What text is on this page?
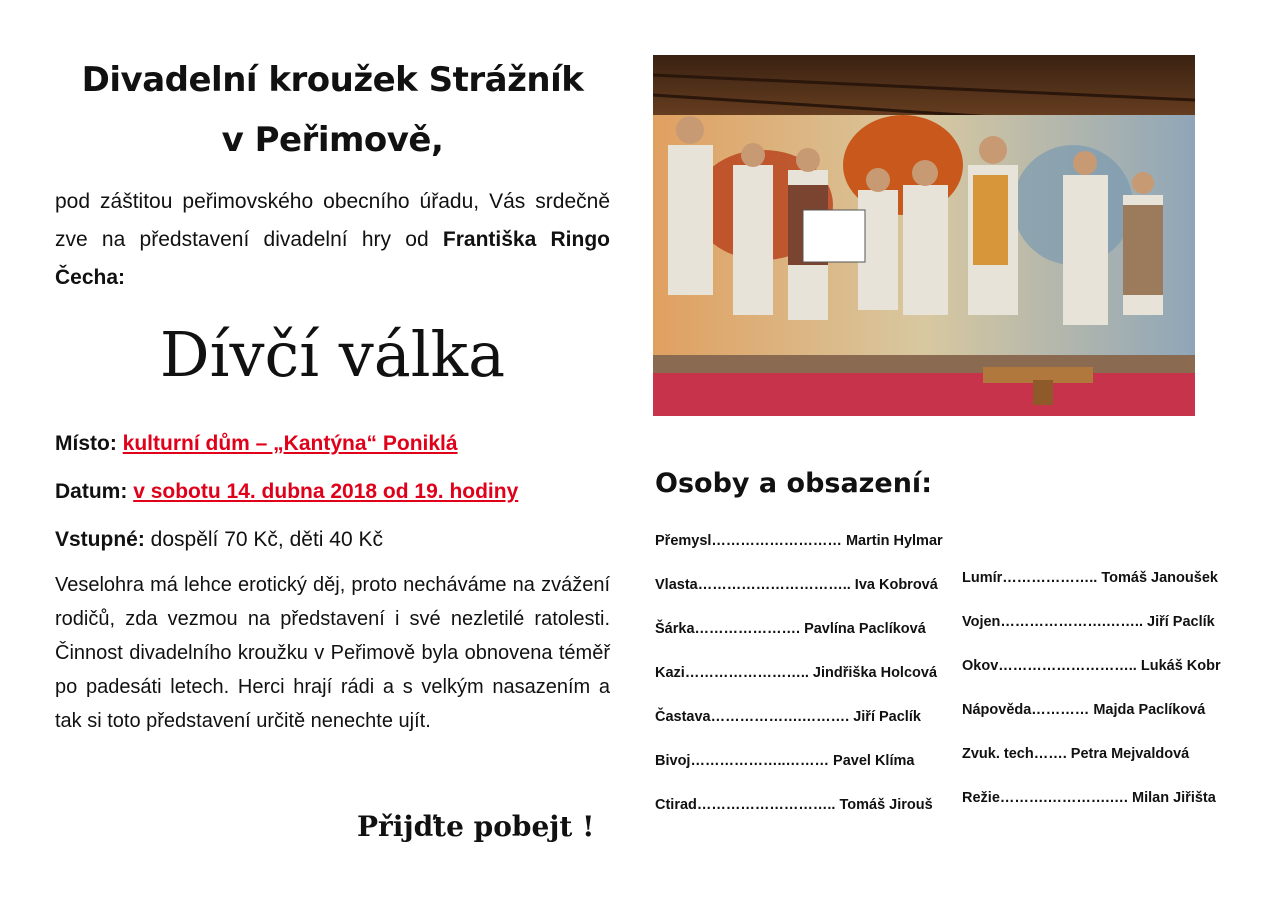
Divadelní kroužek Strážník
v Peřimově,
pod záštitou peřimovského obecního úřadu, Vás srdečně zve na představení divadelní hry od Františka Ringo Čecha:
Dívčí válka
Místo: kulturní dům – „Kantýna“ Poniklá
Datum: v sobotu 14. dubna 2018 od 19. hodiny
Vstupné: dospělí 70 Kč, děti 40 Kč
Veselohra má lehce erotický děj, proto necháváme na zvážení rodičů, zda vezmou na představení i své nezletilé ratolesti. Činnost divadelního kroužku v Peřimově byla obnovena téměř po padesáti letech. Herci hrají rádi a s velkým nasazením a tak si toto představení určitě nenechte ujít.
Přijďte pobejt !
Osoby a obsazení:
Přemysl……………………… Martin Hylmar
Vlasta………………………….. Iva Kobrová
Šárka…………………. Pavlína Paclíková
Kazi…………………….. Jindřiška Holcová
Častava……………….………. Jiří Paclík
Bivoj………………..……… Pavel Klíma
Ctirad……………………….. Tomáš Jirouš
Lumír……………….. Tomáš Janoušek
Vojen………………….…….. Jiří Paclík
Okov……………………….. Lukáš Kobr
Nápověda………… Majda Paclíková
Zvuk. tech……. Petra Mejvaldová
Režie……….………….…. Milan Jiřišta
